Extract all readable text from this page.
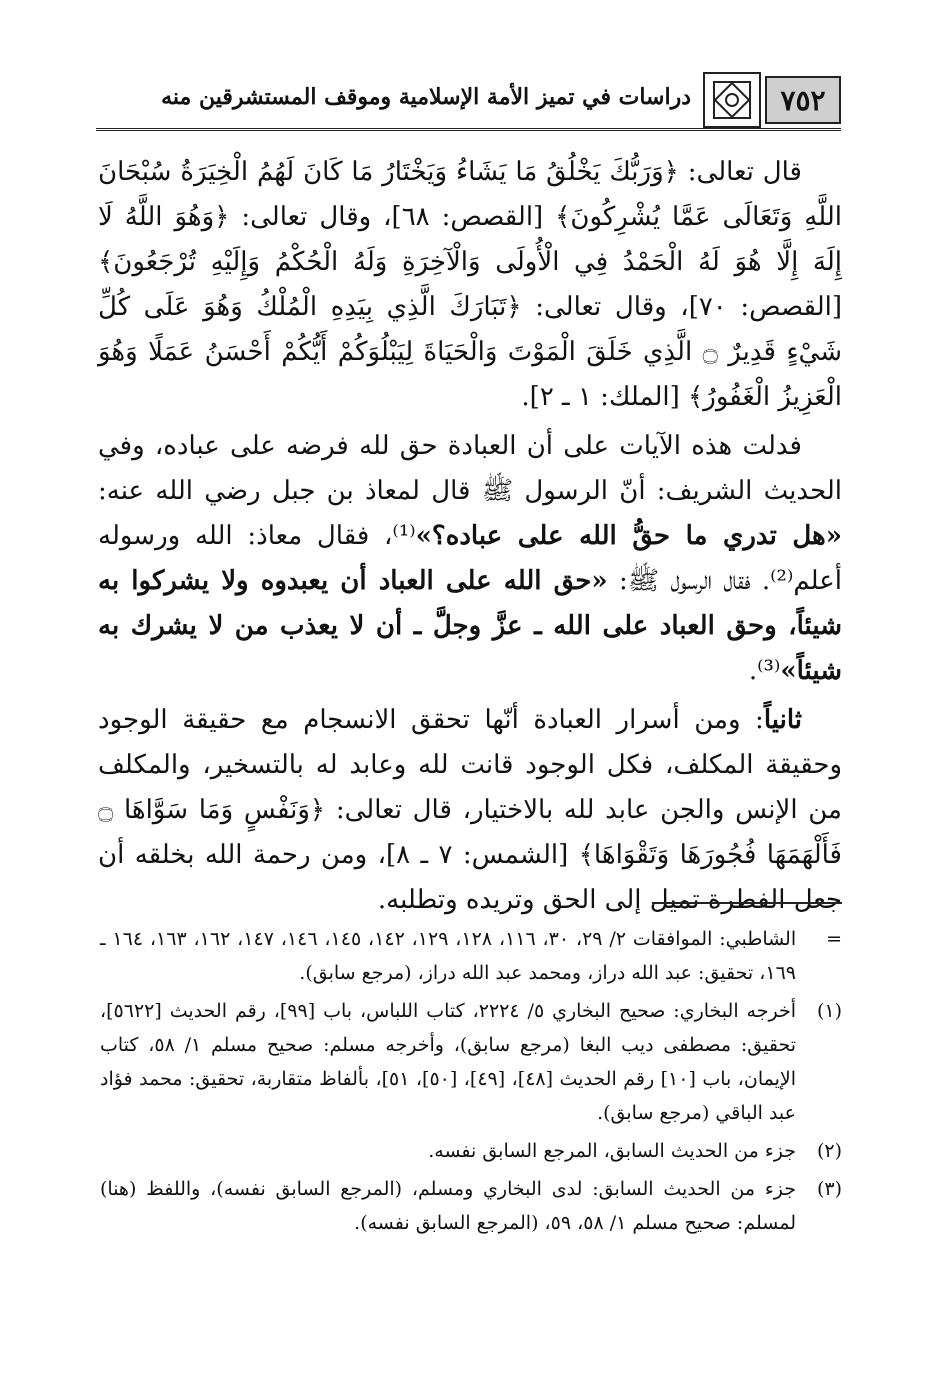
٧٥٢
دراسات في تميز الأمة الإسلامية وموقف المستشرقين منه

قال تعالى: ﴿وَرَبُّكَ يَخْلُقُ مَا يَشَاءُ وَيَخْتَارُ مَا كَانَ لَهُمُ الْخِيَرَةُ سُبْحَانَ اللَّهِ وَتَعَالَى عَمَّا يُشْرِكُونَ﴾ [القصص: ٦٨]، وقال تعالى: ﴿وَهُوَ اللَّهُ لَا إِلَهَ إِلَّا هُوَ لَهُ الْحَمْدُ فِي الْأُولَى وَالْآخِرَةِ وَلَهُ الْحُكْمُ وَإِلَيْهِ تُرْجَعُونَ﴾ [القصص: ٧٠]، وقال تعالى: ﴿تَبَارَكَ الَّذِي بِيَدِهِ الْمُلْكُ وَهُوَ عَلَى كُلِّ شَيْءٍ قَدِيرٌ ۝ الَّذِي خَلَقَ الْمَوْتَ وَالْحَيَاةَ لِيَبْلُوَكُمْ أَيُّكُمْ أَحْسَنُ عَمَلًا وَهُوَ الْعَزِيزُ الْغَفُورُ﴾ [الملك: ١ ـ ٢].

فدلت هذه الآيات على أن العبادة حق لله فرضه على عباده، وفي الحديث الشريف: أنّ الرسول ﷺ قال لمعاذ بن جبل رضي الله عنه: «هل تدري ما حقُّ الله على عباده؟»⁽¹⁾، فقال معاذ: الله ورسوله أعلم⁽²⁾. فقال الرسول ﷺ: «حق الله على العباد أن يعبدوه ولا يشركوا به شيئاً، وحق العباد على الله ـ عزَّ وجلَّ ـ أن لا يعذب من لا يشرك به شيئاً»⁽³⁾.

ثانياً: ومن أسرار العبادة أنّها تحقق الانسجام مع حقيقة الوجود وحقيقة المكلف، فكل الوجود قانت لله وعابد له بالتسخير، والمكلف من الإنس والجن عابد لله بالاختيار، قال تعالى: ﴿وَنَفْسٍ وَمَا سَوَّاهَا ۝ فَأَلْهَمَهَا فُجُورَهَا وَتَقْوَاهَا﴾ [الشمس: ٧ ـ ٨]، ومن رحمة الله بخلقه أن جعل الفطرة تميل إلى الحق وتريده وتطلبه.

=
الشاطبي: الموافقات ٢/ ٢٩، ٣٠، ١١٦، ١٢٨، ١٢٩، ١٤٢، ١٤٥، ١٤٦، ١٤٧، ١٦٢، ١٦٣، ١٦٤ ـ ١٦٩، تحقيق: عبد الله دراز، ومحمد عبد الله دراز، (مرجع سابق).
(١)
أخرجه البخاري: صحيح البخاري ٥/ ٢٢٢٤، كتاب اللباس، باب [٩٩]، رقم الحديث [٥٦٢٢]، تحقيق: مصطفى ديب البغا (مرجع سابق)، وأخرجه مسلم: صحيح مسلم ١/ ٥٨، كتاب الإيمان، باب [١٠] رقم الحديث [٤٨]، [٤٩]، [٥٠]، ٥١]، بألفاظ متقاربة، تحقيق: محمد فؤاد عبد الباقي (مرجع سابق).
(٢)
جزء من الحديث السابق، المرجع السابق نفسه.
(٣)
جزء من الحديث السابق: لدى البخاري ومسلم، (المرجع السابق نفسه)، واللفظ (هنا) لمسلم: صحيح مسلم ١/ ٥٨، ٥٩، (المرجع السابق نفسه).
